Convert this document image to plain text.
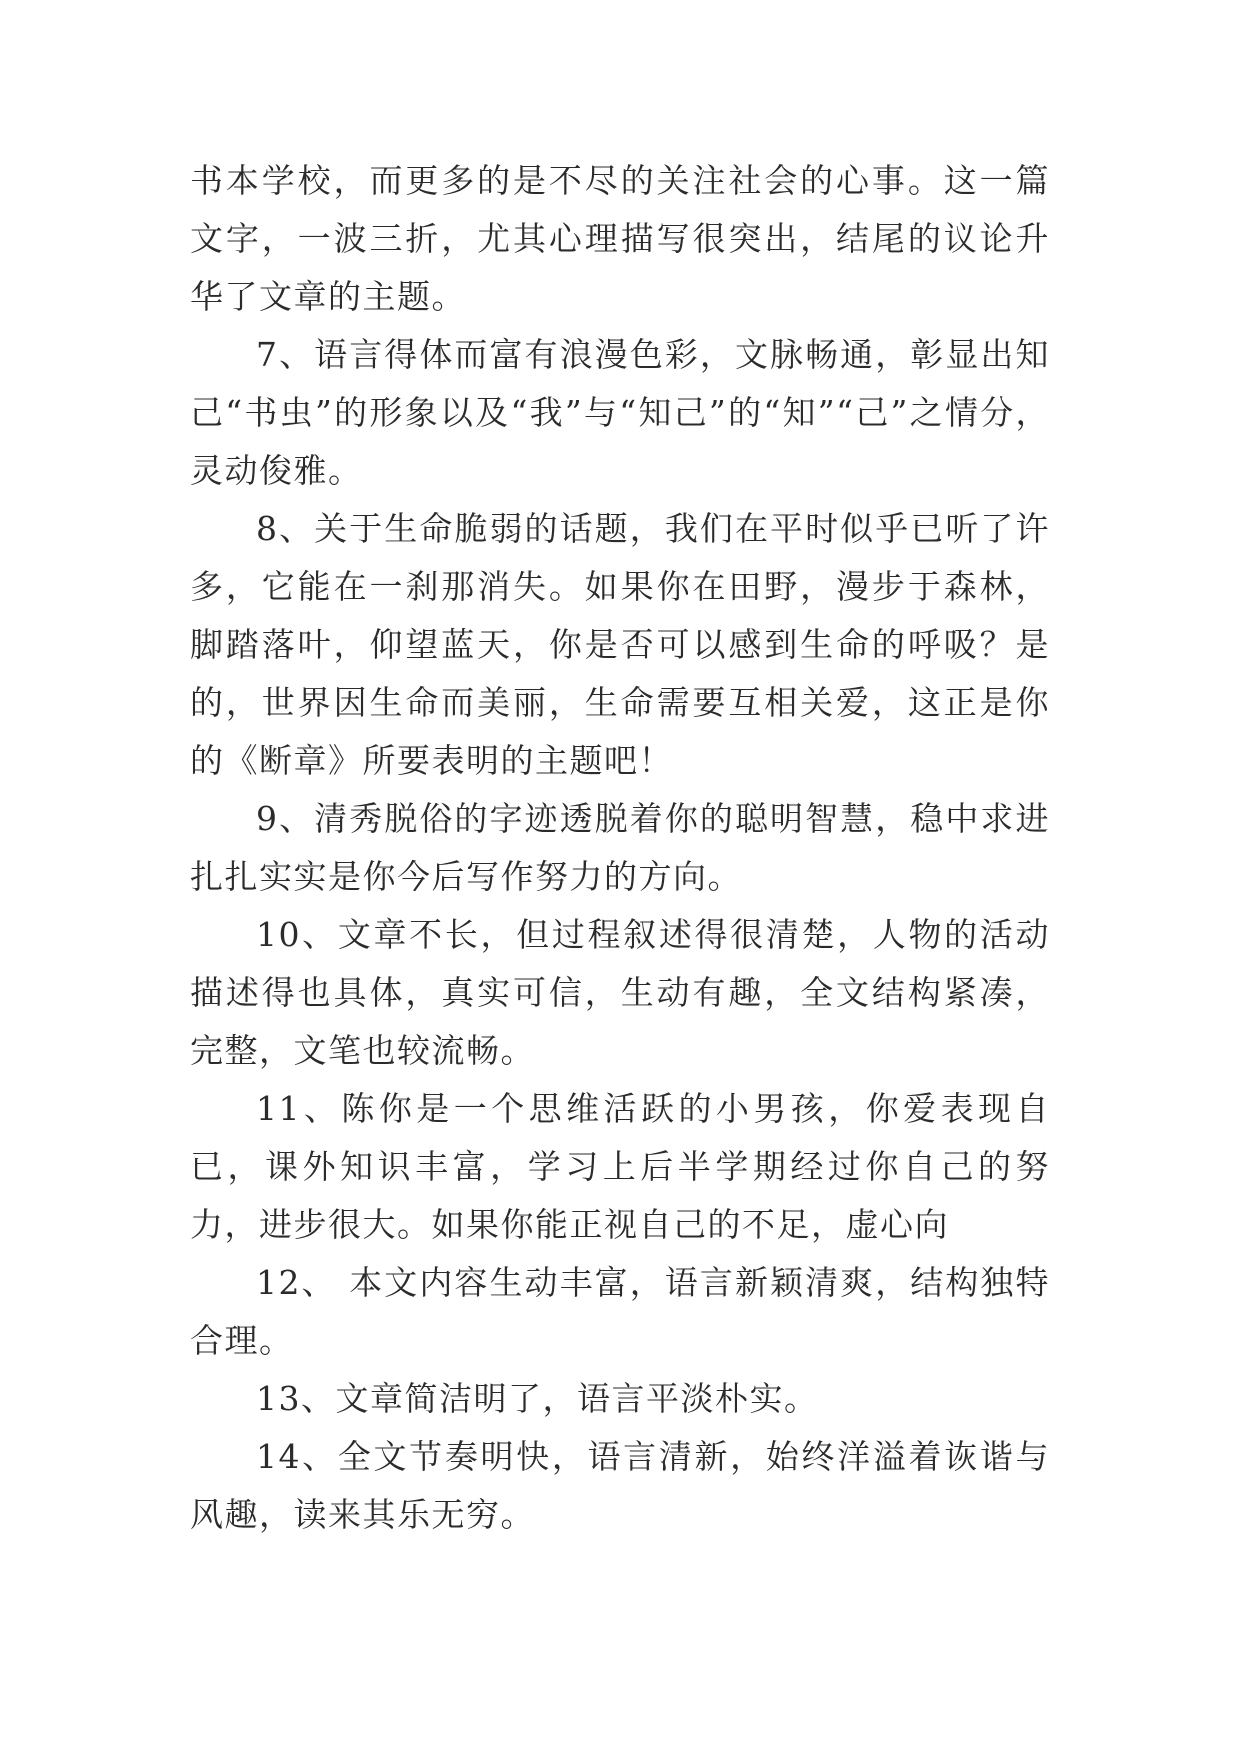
书本学校，而更多的是不尽的关注社会的心事。这一篇文字，一波三折，尤其心理描写很突出，结尾的议论升华了文章的主题。

7、语言得体而富有浪漫色彩，文脉畅通，彰显出知己“书虫”的形象以及“我”与“知己”的“知”“己”之情分，灵动俊雅。

8、关于生命脆弱的话题，我们在平时似乎已听了许多，它能在一刹那消失。如果你在田野，漫步于森林，脚踏落叶，仰望蓝天，你是否可以感到生命的呼吸？是的，世界因生命而美丽，生命需要互相关爱，这正是你的《断章》所要表明的主题吧！

9、清秀脱俗的字迹透脱着你的聪明智慧，稳中求进扎扎实实是你今后写作努力的方向。

10、文章不长，但过程叙述得很清楚，人物的活动描述得也具体，真实可信，生动有趣，全文结构紧凑，完整，文笔也较流畅。

11、陈你是一个思维活跃的小男孩，你爱表现自已，课外知识丰富，学习上后半学期经过你自己的努力，进步很大。如果你能正视自己的不足，虚心向

12、 本文内容生动丰富，语言新颖清爽，结构独特合理。

13、文章简洁明了，语言平淡朴实。

14、全文节奏明快，语言清新，始终洋溢着诙谐与风趣，读来其乐无穷。
